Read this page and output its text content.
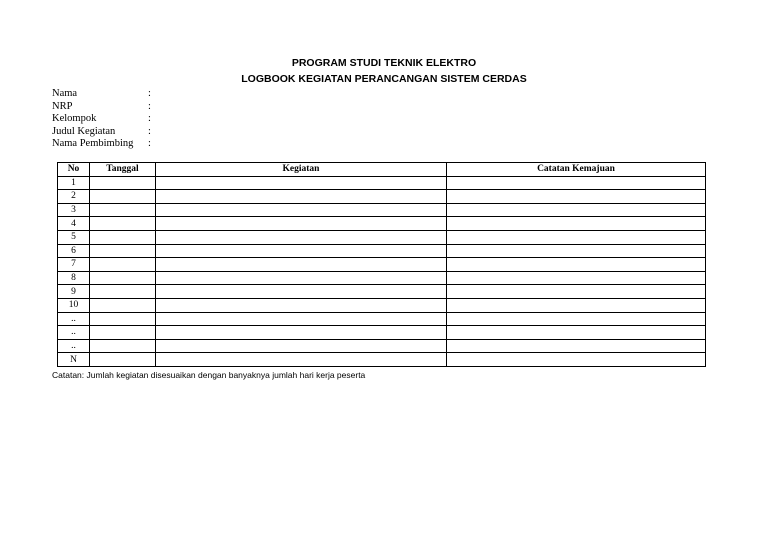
PROGRAM STUDI TEKNIK ELEKTRO
LOGBOOK KEGIATAN PERANCANGAN SISTEM CERDAS
Nama	:
NRP	:
Kelompok	:
Judul Kegiatan	:
Nama Pembimbing	:
No	Tanggal	Kegiatan	Catatan Kemajuan
1			
2			
3			
4			
5			
6			
7			
8			
9			
10			
..			
..			
..			
N			
Catatan: Jumlah kegiatan disesuaikan dengan banyaknya jumlah hari kerja peserta
